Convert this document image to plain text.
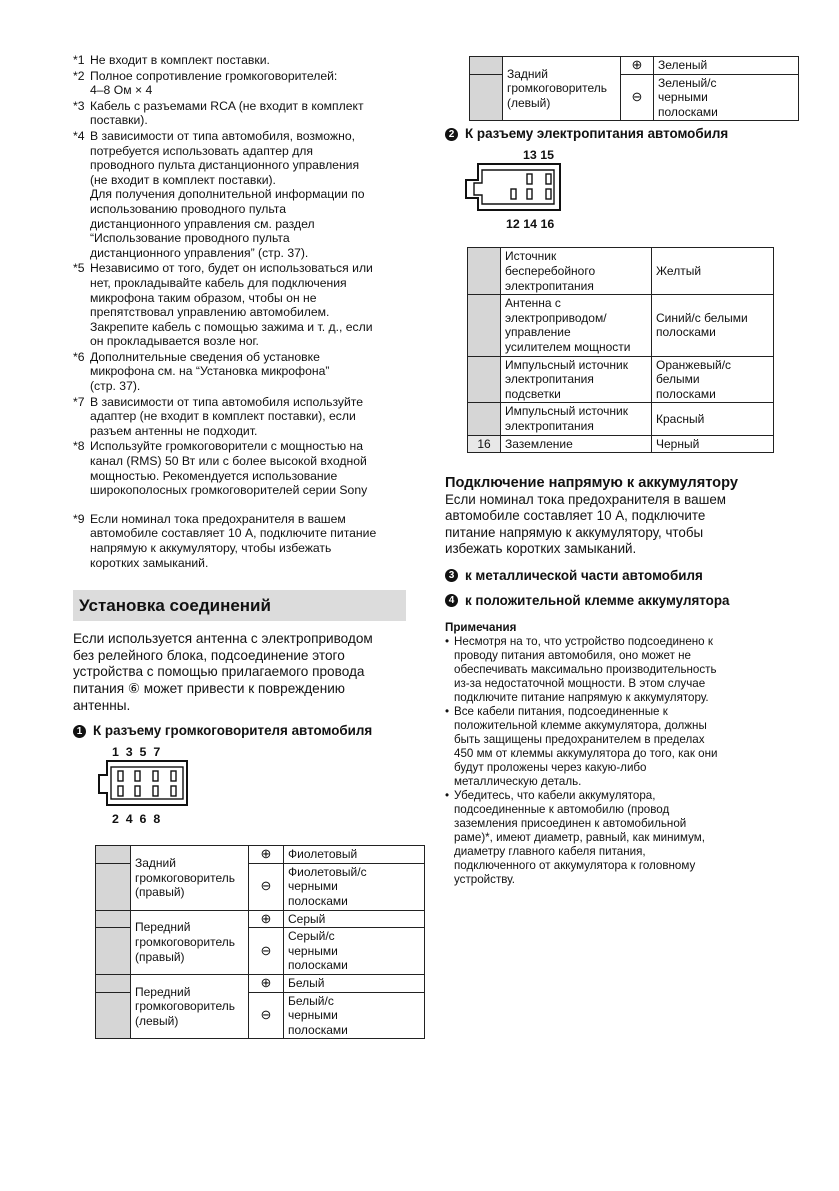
*1 Не входит в комплект поставки.
*2 Полное сопротивление громкоговорителей:
4–8 Ом × 4
*3 Кабель с разъемами RCA (не входит в комплект
поставки).
*4 В зависимости от типа автомобиля, возможно,
потребуется использовать адаптер для
проводного пульта дистанционного управления
(не входит в комплект поставки).
Для получения дополнительной информации по
использованию проводного пульта
дистанционного управления см. раздел
“Использование проводного пульта
дистанционного управления” (стр. 37).
*5 Независимо от того, будет он использоваться или
нет, прокладывайте кабель для подключения
микрофона таким образом, чтобы он не
препятствовал управлению автомобилем.
Закрепите кабель с помощью зажима и т. д., если
он прокладывается возле ног.
*6 Дополнительные сведения об установке
микрофона см. на “Установка микрофона”
(стр. 37).
*7 В зависимости от типа автомобиля используйте
адаптер (не входит в комплект поставки), если
разъем антенны не подходит.
*8 Используйте громкоговорители с мощностью на
канал (RMS) 50 Вт или с более высокой входной
мощностью. Рекомендуется использование
широкополосных громкоговорителей серии Sony
*9 Если номинал тока предохранителя в вашем
автомобиле составляет 10 А, подключите питание
напрямую к аккумулятору, чтобы избежать
коротких замыканий.
Установка соединений
Если используется антенна с электроприводом
без релейного блока, подсоединение этого
устройства с помощью прилагаемого провода
питания ⑥ может привести к повреждению
антенны.
1 К разъему громкоговорителя автомобиля
1  3  5  7
2  4  6  8
	Задний
громкоговоритель
(правый)	⊕	Фиолетовый
		⊖	Фиолетовый/с
черными
полосками
	Передний
громкоговоритель
(правый)	⊕	Серый
		⊖	Серый/с
черными
полосками
	Передний
громкоговоритель
(левый)	⊕	Белый
		⊖	Белый/с
черными
полосками
	Задний
громкоговоритель
(левый)	⊕	Зеленый
		⊖	Зеленый/с
черными
полосками
2 К разъему электропитания автомобиля
13 15
12 14 16
	Источник
бесперебойного
электропитания	Желтый
	Антенна с
электроприводом/
управление
усилителем мощности	Синий/с белыми
полосками
	Импульсный источник
электропитания
подсветки	Оранжевый/с
белыми
полосками
	Импульсный источник
электропитания	Красный
16	Заземление	Черный
Подключение напрямую к аккумулятору
Если номинал тока предохранителя в вашем
автомобиле составляет 10 А, подключите
питание напрямую к аккумулятору, чтобы
избежать коротких замыканий.
3 к металлической части автомобиля
4 к положительной клемме аккумулятора
Примечания
• Несмотря на то, что устройство подсоединено к
проводу питания автомобиля, оно может не
обеспечивать максимально производительность
из-за недостаточной мощности. В этом случае
подключите питание напрямую к аккумулятору.
• Все кабели питания, подсоединенные к
положительной клемме аккумулятора, должны
быть защищены предохранителем в пределах
450 мм от клеммы аккумулятора до того, как они
будут проложены через какую-либо
металлическую деталь.
• Убедитесь, что кабели аккумулятора,
подсоединенные к автомобилю (провод
заземления присоединен к автомобильной
раме)*, имеют диаметр, равный, как минимум,
диаметру главного кабеля питания,
подключенного от аккумулятора к головному
устройству.
